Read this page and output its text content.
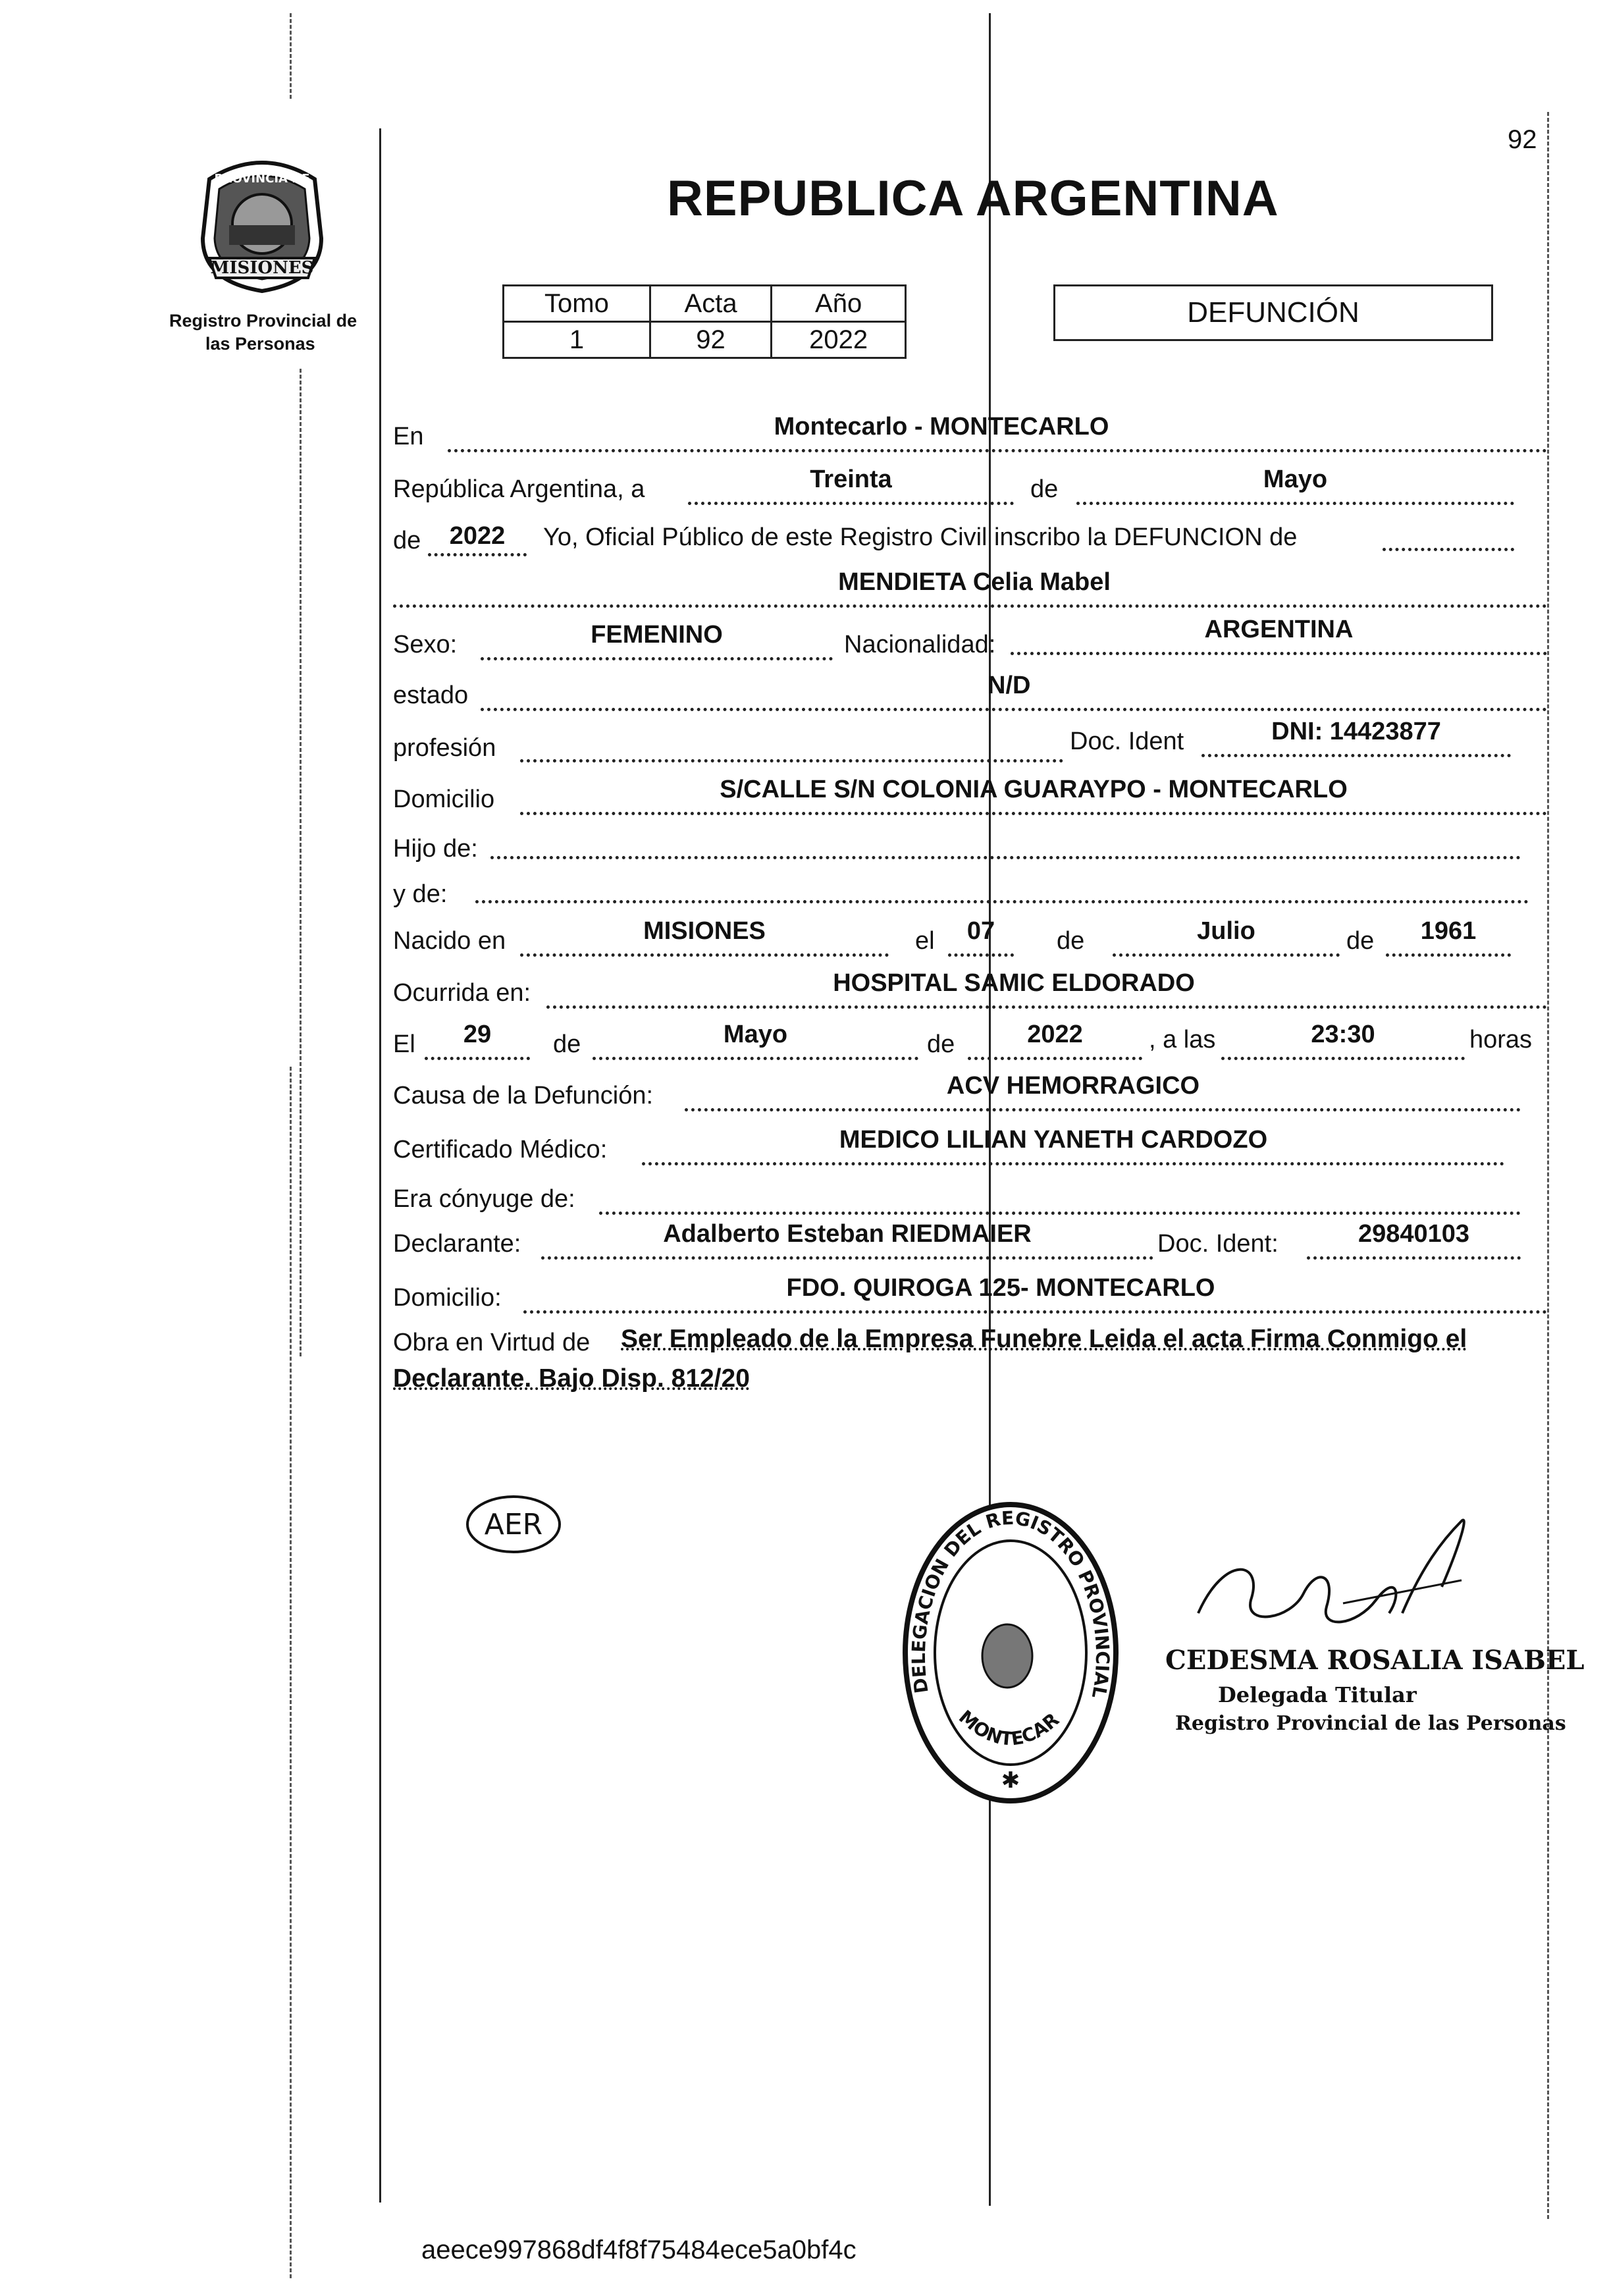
92
MISIONES
PROVINCIA DE
Registro Provincial de
las Personas
REPUBLICA ARGENTINA
Tomo	Acta	Año
1	92	2022
DEFUNCIÓN
En	Montecarlo - MONTECARLO
República Argentina, a	Treinta	de	Mayo
de	2022	Yo, Oficial Público de este Registro Civil inscribo la DEFUNCION de
MENDIETA Celia Mabel
Sexo:	FEMENINO	Nacionalidad:
ARGENTINA
estado	N/D
profesión	Doc. Ident	DNI: 14423877
Domicilio	S/CALLE S/N COLONIA GUARAYPO - MONTECARLO
Hijo de:
y de:
Nacido en	MISIONES	el	07	de	Julio	de	1961
Ocurrida en:	HOSPITAL SAMIC ELDORADO
El	29	de	Mayo	de	2022	, a las	23:30	horas
Causa de la Defunción:	ACV HEMORRAGICO
Certificado Médico:	MEDICO LILIAN YANETH CARDOZO
Era cónyuge de:
Declarante:	Adalberto Esteban RIEDMAIER	Doc. Ident:	29840103
Domicilio:	FDO. QUIROGA 125- MONTECARLO
Obra en Virtud de Ser Empleado de la Empresa Funebre Leida el acta Firma Conmigo el
Declarante. Bajo Disp. 812/20
AER
DELEGACION DEL REGISTRO PROVINCIAL
MONTECAR
✱
CEDESMA ROSALIA ISABEL
Delegada Titular
Registro Provincial de las Personas
aeece997868df4f8f75484ece5a0bf4c
